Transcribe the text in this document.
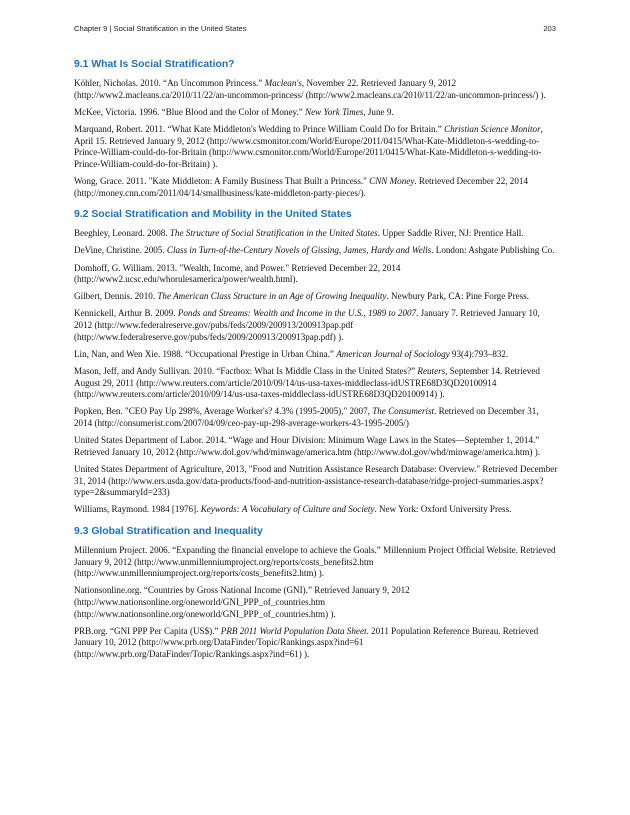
Chapter 9 | Social Stratification in the United States	203
9.1 What Is Social Stratification?

Köhler, Nicholas. 2010. “An Uncommon Princess.” Maclean's, November 22. Retrieved January 9, 2012 (http://www2.macleans.ca/2010/11/22/an-uncommon-princess/ (http://www2.macleans.ca/2010/11/22/an-uncommon-princess/) ).

McKee, Victoria. 1996. “Blue Blood and the Color of Money.” New York Times, June 9.

Marquand, Robert. 2011. “What Kate Middleton's Wedding to Prince William Could Do for Britain.” Christian Science Monitor, April 15. Retrieved January 9, 2012 (http://www.csmonitor.com/World/Europe/2011/0415/What-Kate-Middleton-s-wedding-to-Prince-William-could-do-for-Britain (http://www.csmonitor.com/World/Europe/2011/0415/What-Kate-Middleton-s-wedding-to-Prince-William-could-do-for-Britain) ).

Wong, Grace. 2011. "Kate Middleton: A Family Business That Built a Princess." CNN Money. Retrieved December 22, 2014 (http://money.cnn.com/2011/04/14/smallbusiness/kate-middleton-party-pieces/).

9.2 Social Stratification and Mobility in the United States

Beeghley, Leonard. 2008. The Structure of Social Stratification in the United States. Upper Saddle River, NJ: Prentice Hall.

DeVine, Christine. 2005. Class in Turn-of-the-Century Novels of Gissing, James, Hardy and Wells. London: Ashgate Publishing Co.

Domhoff, G. William. 2013. "Wealth, Income, and Power." Retrieved December 22, 2014 (http://www2.ucsc.edu/whorulesamerica/power/wealth.html).

Gilbert, Dennis. 2010. The American Class Structure in an Age of Growing Inequality. Newbury Park, CA: Pine Forge Press.

Kennickell, Arthur B. 2009. Ponds and Streams: Wealth and Income in the U.S., 1989 to 2007. January 7. Retrieved January 10, 2012 (http://www.federalreserve.gov/pubs/feds/2009/200913/200913pap.pdf (http://www.federalreserve.gov/pubs/feds/2009/200913/200913pap.pdf) ).

Lin, Nan, and Wen Xie. 1988. “Occupational Prestige in Urban China.” American Journal of Sociology 93(4):793–832.

Mason, Jeff, and Andy Sullivan. 2010. “Factbox: What Is Middle Class in the United States?” Reuters, September 14. Retrieved August 29, 2011 (http://www.reuters.com/article/2010/09/14/us-usa-taxes-middleclass-idUSTRE68D3QD20100914 (http://www.reuters.com/article/2010/09/14/us-usa-taxes-middleclass-idUSTRE68D3QD20100914) ).

Popken, Ben. "CEO Pay Up 298%, Average Worker's? 4.3% (1995-2005)," 2007, The Consumerist. Retrieved on December 31, 2014 (http://consumerist.com/2007/04/09/ceo-pay-up-298-average-workers-43-1995-2005/)

United States Department of Labor. 2014. “Wage and Hour Division: Minimum Wage Laws in the States—September 1, 2014.” Retrieved January 10, 2012 (http://www.dol.gov/whd/minwage/america.htm (http://www.dol.gov/whd/minwage/america.htm) ).

United States Department of Agriculture, 2013, "Food and Nutrition Assistance Research Database: Overview." Retrieved December 31, 2014 (http://www.ers.usda.gov/data-products/food-and-nutrition-assistance-research-database/ridge-project-summaries.aspx?type=2&summaryId=233)

Williams, Raymond. 1984 [1976]. Keywords: A Vocabulary of Culture and Society. New York: Oxford University Press.

9.3 Global Stratification and Inequality

Millennium Project. 2006. “Expanding the financial envelope to achieve the Goals.” Millennium Project Official Website. Retrieved January 9, 2012 (http://www.unmillenniumproject.org/reports/costs_benefits2.htm (http://www.unmillenniumproject.org/reports/costs_benefits2.htm) ).

Nationsonline.org. “Countries by Gross National Income (GNI).” Retrieved January 9, 2012 (http://www.nationsonline.org/oneworld/GNI_PPP_of_countries.htm (http://www.nationsonline.org/oneworld/GNI_PPP_of_countries.htm) ).

PRB.org. “GNI PPP Per Capita (US$).” PRB 2011 World Population Data Sheet. 2011 Population Reference Bureau. Retrieved January 10, 2012 (http://www.prb.org/DataFinder/Topic/Rankings.aspx?ind=61 (http://www.prb.org/DataFinder/Topic/Rankings.aspx?ind=61) ).
